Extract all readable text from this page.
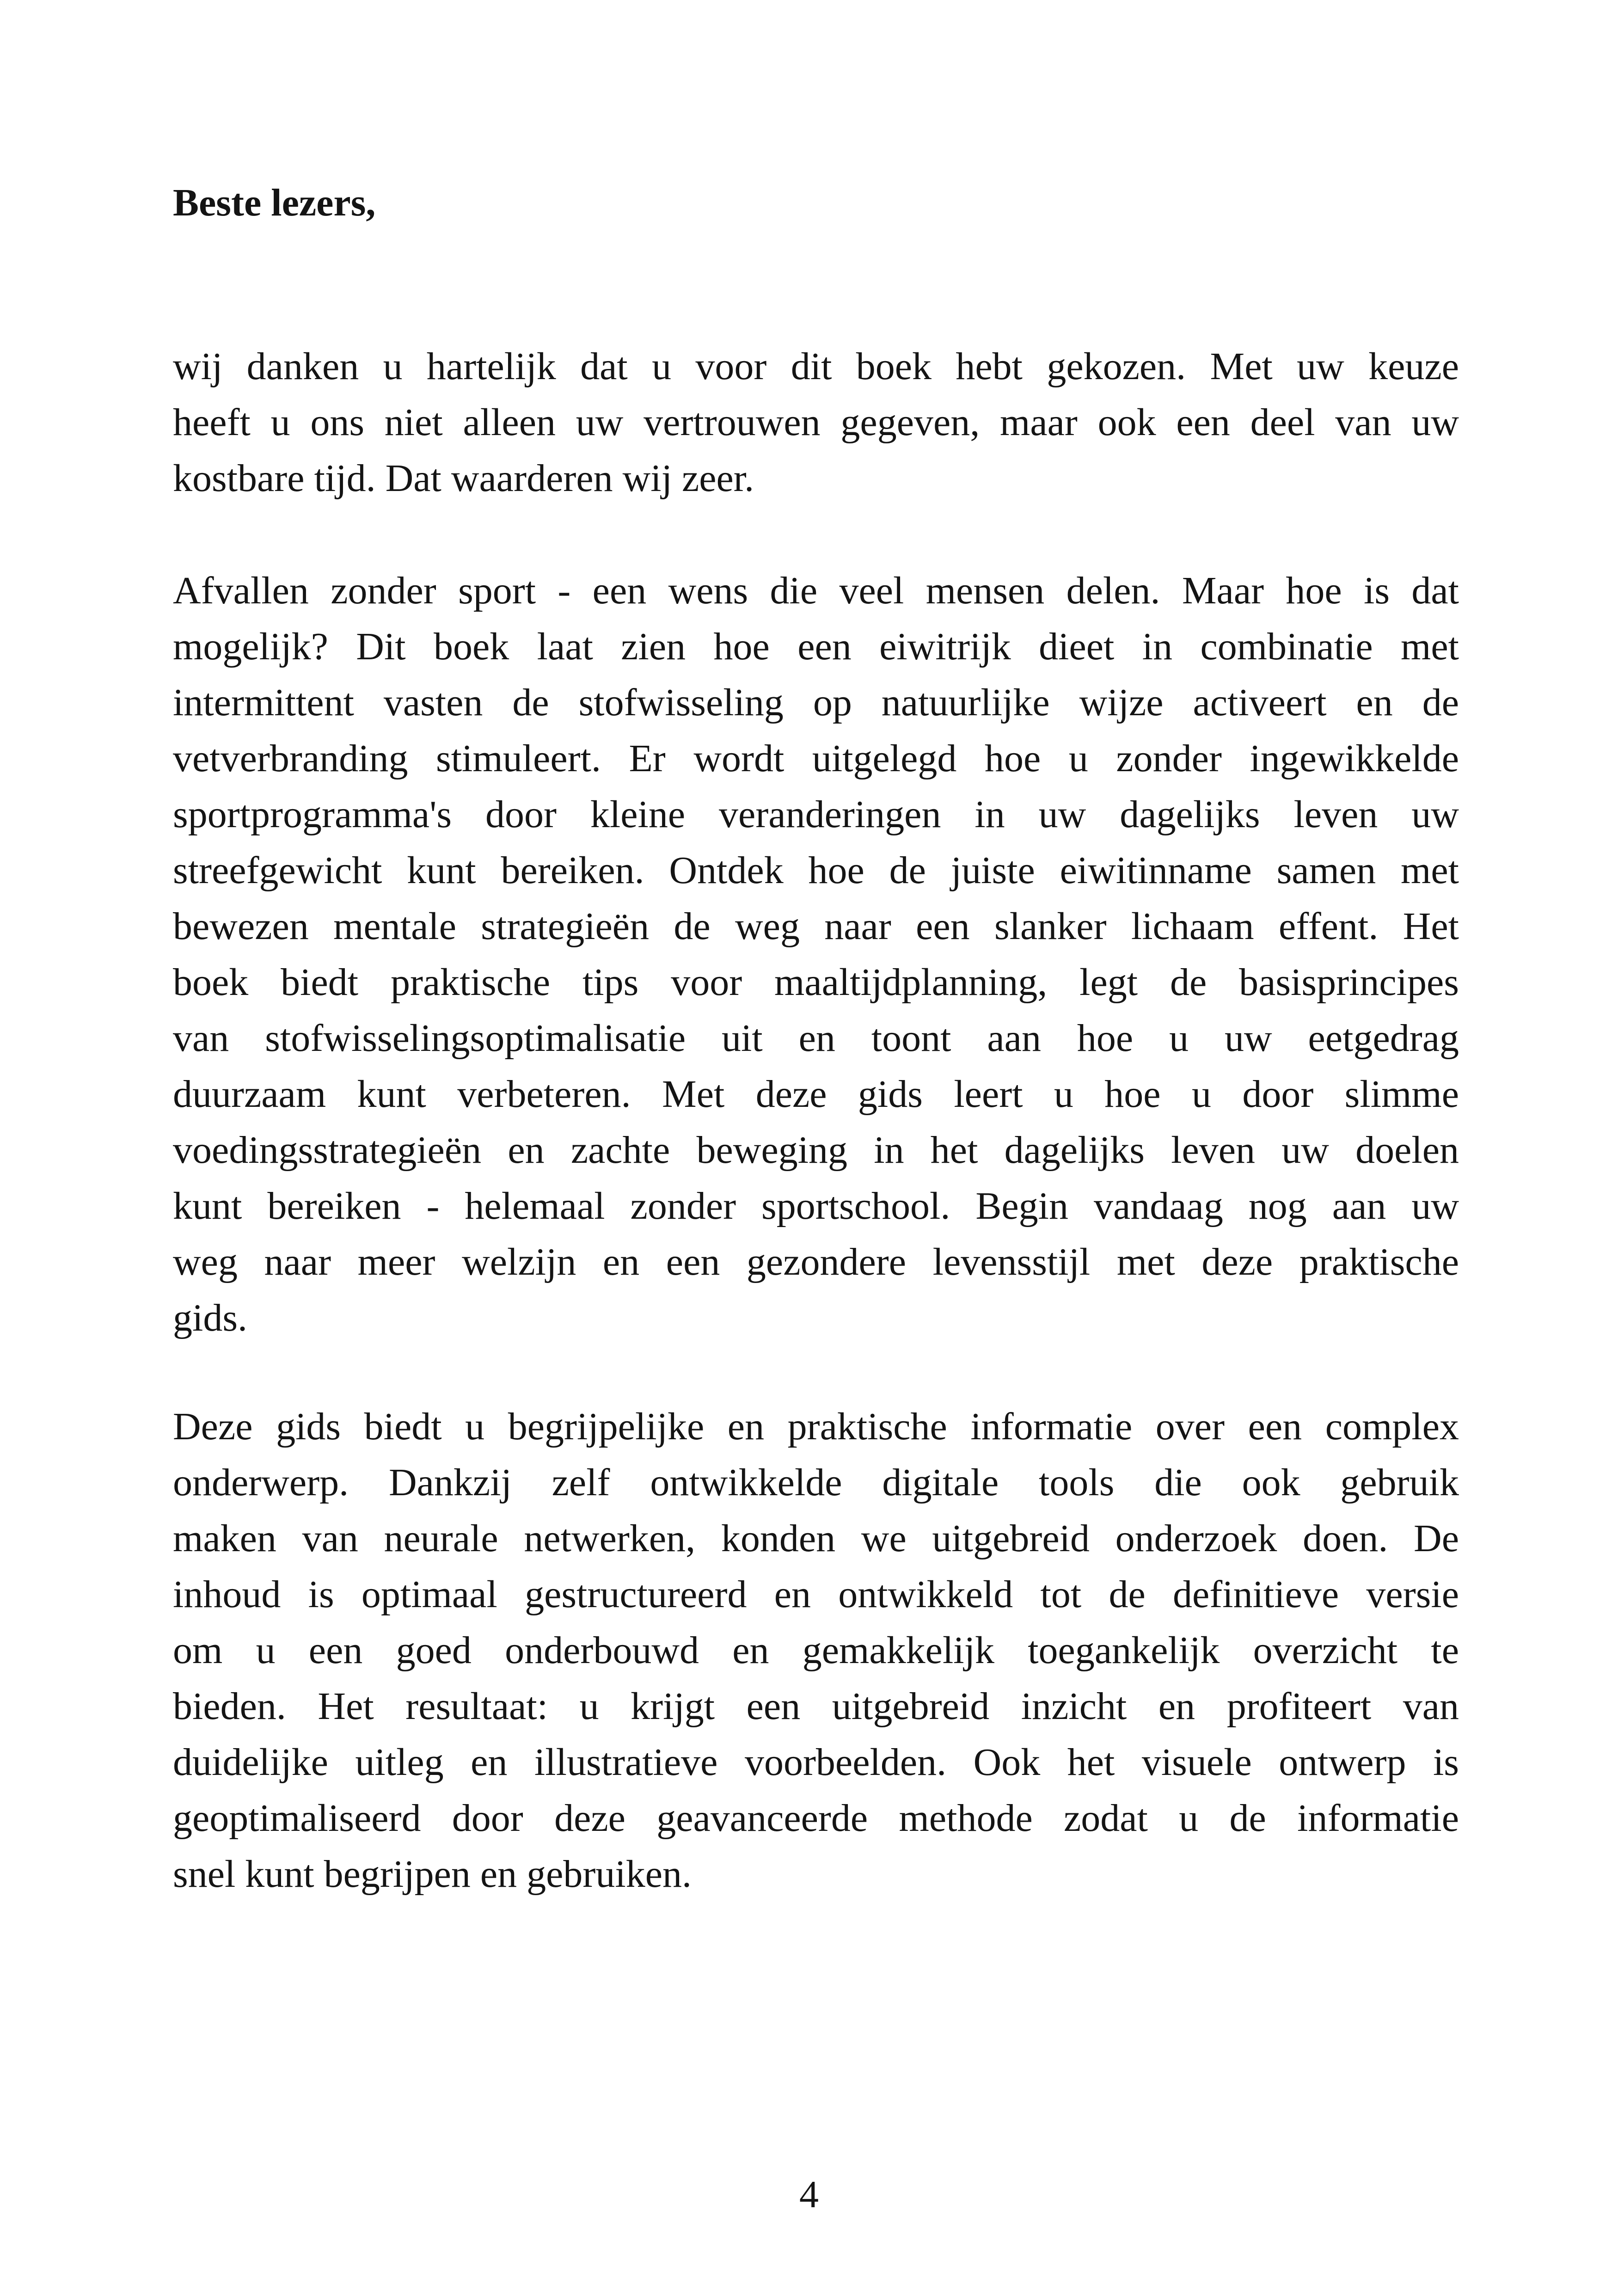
Beste lezers,
wij danken u hartelijk dat u voor dit boek hebt gekozen. Met uw keuze
heeft u ons niet alleen uw vertrouwen gegeven, maar ook een deel van uw
kostbare tijd. Dat waarderen wij zeer.
Afvallen zonder sport - een wens die veel mensen delen. Maar hoe is dat
mogelijk? Dit boek laat zien hoe een eiwitrijk dieet in combinatie met
intermittent vasten de stofwisseling op natuurlijke wijze activeert en de
vetverbranding stimuleert. Er wordt uitgelegd hoe u zonder ingewikkelde
sportprogramma's door kleine veranderingen in uw dagelijks leven uw
streefgewicht kunt bereiken. Ontdek hoe de juiste eiwitinname samen met
bewezen mentale strategieën de weg naar een slanker lichaam effent. Het
boek biedt praktische tips voor maaltijdplanning, legt de basisprincipes
van stofwisselingsoptimalisatie uit en toont aan hoe u uw eetgedrag
duurzaam kunt verbeteren. Met deze gids leert u hoe u door slimme
voedingsstrategieën en zachte beweging in het dagelijks leven uw doelen
kunt bereiken - helemaal zonder sportschool. Begin vandaag nog aan uw
weg naar meer welzijn en een gezondere levensstijl met deze praktische
gids.
Deze gids biedt u begrijpelijke en praktische informatie over een complex
onderwerp. Dankzij zelf ontwikkelde digitale tools die ook gebruik
maken van neurale netwerken, konden we uitgebreid onderzoek doen. De
inhoud is optimaal gestructureerd en ontwikkeld tot de definitieve versie
om u een goed onderbouwd en gemakkelijk toegankelijk overzicht te
bieden. Het resultaat: u krijgt een uitgebreid inzicht en profiteert van
duidelijke uitleg en illustratieve voorbeelden. Ook het visuele ontwerp is
geoptimaliseerd door deze geavanceerde methode zodat u de informatie
snel kunt begrijpen en gebruiken.

4
